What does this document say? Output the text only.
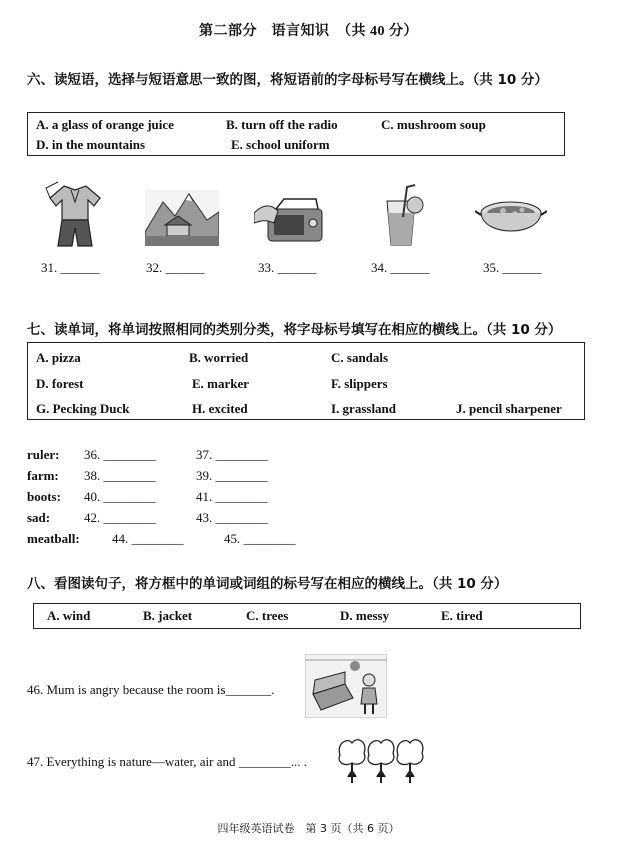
第二部分　语言知识　（共 40 分）
六、读短语，选择与短语意思一致的图，将短语前的字母标号写在横线上。（共 10 分）
A. a glass of orange juice	B. turn off the radio	C. mushroom soup
D. in the mountains	E. school uniform
31. ______	32. ______	33. ______	34. ______	35. ______
七、读单词，将单词按照相同的类别分类，将字母标号填写在相应的横线上。（共 10 分）
A. pizza	B. worried	C. sandals
D. forest	E. marker	F. slippers
G. Pecking Duck	H. excited	I. grassland	J. pencil sharpener
ruler: 36. ________	37. ________
farm: 38. ________	39. ________
boots: 40. ________	41. ________
sad:	42. ________	43. ________
meatball: 44. ________	45. ________
八、看图读句子，将方框中的单词或词组的标号写在相应的横线上。（共 10 分）
A. wind	B. jacket	C. trees	D. messy	E. tired
46. Mum is angry because the room is_______.
47. Everything is nature—water, air and ________... .
四年级英语试卷　第 3 页（共 6 页）
